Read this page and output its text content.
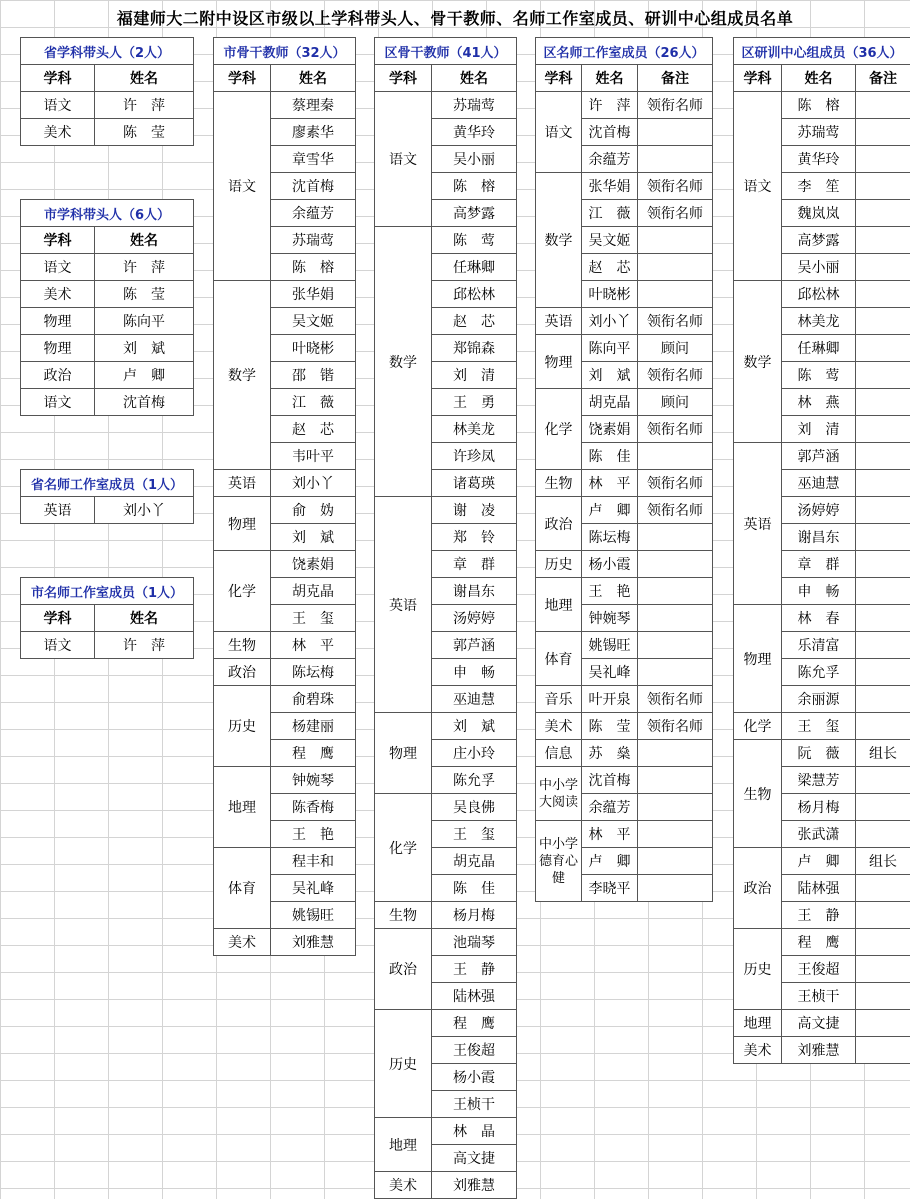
福建师大二附中设区市级以上学科带头人、骨干教师、名师工作室成员、研训中心组成员名单
省学科带头人（2人）	
学科	姓名
语文	许　萍
美术	陈　莹
市学科带头人（6人）	
学科	姓名
语文	许　萍
美术	陈　莹
物理	陈向平
物理	刘　斌
政治	卢　卿
语文	沈首梅
省名师工作室成员（1人）
英语	刘小丫
市名师工作室成员（1人）	
学科	姓名
语文	许　萍
市骨干教师（32人）	
学科	姓名
语文	蔡理秦
	廖素华
	章雪华
	沈首梅
	余蕴芳
	苏瑞莺
	陈　榕
数学	张华娟
	吴文姬
	叶晓彬
	邵　锴
	江　薇
	赵　芯
	韦叶平
英语	刘小丫
物理	俞　妫
	刘　斌
化学	饶素娟
	胡克晶
	王　玺
生物	林　平
政治	陈坛梅
历史	俞碧珠
	杨建丽
	程　鹰
地理	钟婉琴
	陈香梅
	王　艳
体育	程丰和
	吴礼峰
	姚锡旺
美术	刘雅慧
区骨干教师（41人）	
学科	姓名
语文	苏瑞莺
	黄华玲
	吴小丽
	陈　榕
	高梦露
数学	陈　莺
	任琳卿
	邱松林
	赵　芯
	郑锦森
	刘　清
	王　勇
	林美龙
	许珍凤
	诸葛瑛
英语	谢　凌
	郑　铃
	章　群
	谢昌东
	汤婷婷
	郭芦涵
	申　畅
	巫迪慧
物理	刘　斌
	庄小玲
	陈允孚
化学	吴良佛
	王　玺
	胡克晶
	陈　佳
生物	杨月梅
政治	池瑞琴
	王　静
	陆林强
历史	程　鹰
	王俊超
	杨小霞
	王桢干
地理	林　晶
	高文捷
美术	刘雅慧
区名师工作室成员（26人）		
学科	姓名	备注
语文	许　萍	领衔名师
	沈首梅	
	余蕴芳	
数学	张华娟	领衔名师
	江　薇	领衔名师
	吴文姬	
	赵　芯	
	叶晓彬	
英语	刘小丫	领衔名师
物理	陈向平	顾问
	刘　斌	领衔名师
化学	胡克晶	顾问
	饶素娟	领衔名师
	陈　佳	
生物	林　平	领衔名师
政治	卢　卿	领衔名师
	陈坛梅	
历史	杨小霞	
地理	王　艳	
	钟婉琴	
体育	姚锡旺	
	吴礼峰	
音乐	叶开泉	领衔名师
美术	陈　莹	领衔名师
信息	苏　燊	
中小学大阅读	沈首梅	
	余蕴芳	
中小学德育心健	林　平	
	卢　卿	
	李晓平	
区研训中心组成员（36人）		
学科	姓名	备注
语文	陈　榕	
	苏瑞莺	
	黄华玲	
	李　笙	
	魏岚岚	
	高梦露	
	吴小丽	
数学	邱松林	
	林美龙	
	任琳卿	
	陈　莺	
	林　燕	
	刘　清	
英语	郭芦涵	
	巫迪慧	
	汤婷婷	
	谢昌东	
	章　群	
	申　畅	
物理	林　春	
	乐清富	
	陈允孚	
	余丽源	
化学	王　玺	
生物	阮　薇	组长
	梁慧芳	
	杨月梅	
	张武潇	
政治	卢　卿	组长
	陆林强	
	王　静	
历史	程　鹰	
	王俊超	
	王桢干	
地理	高文捷	
美术	刘雅慧	
